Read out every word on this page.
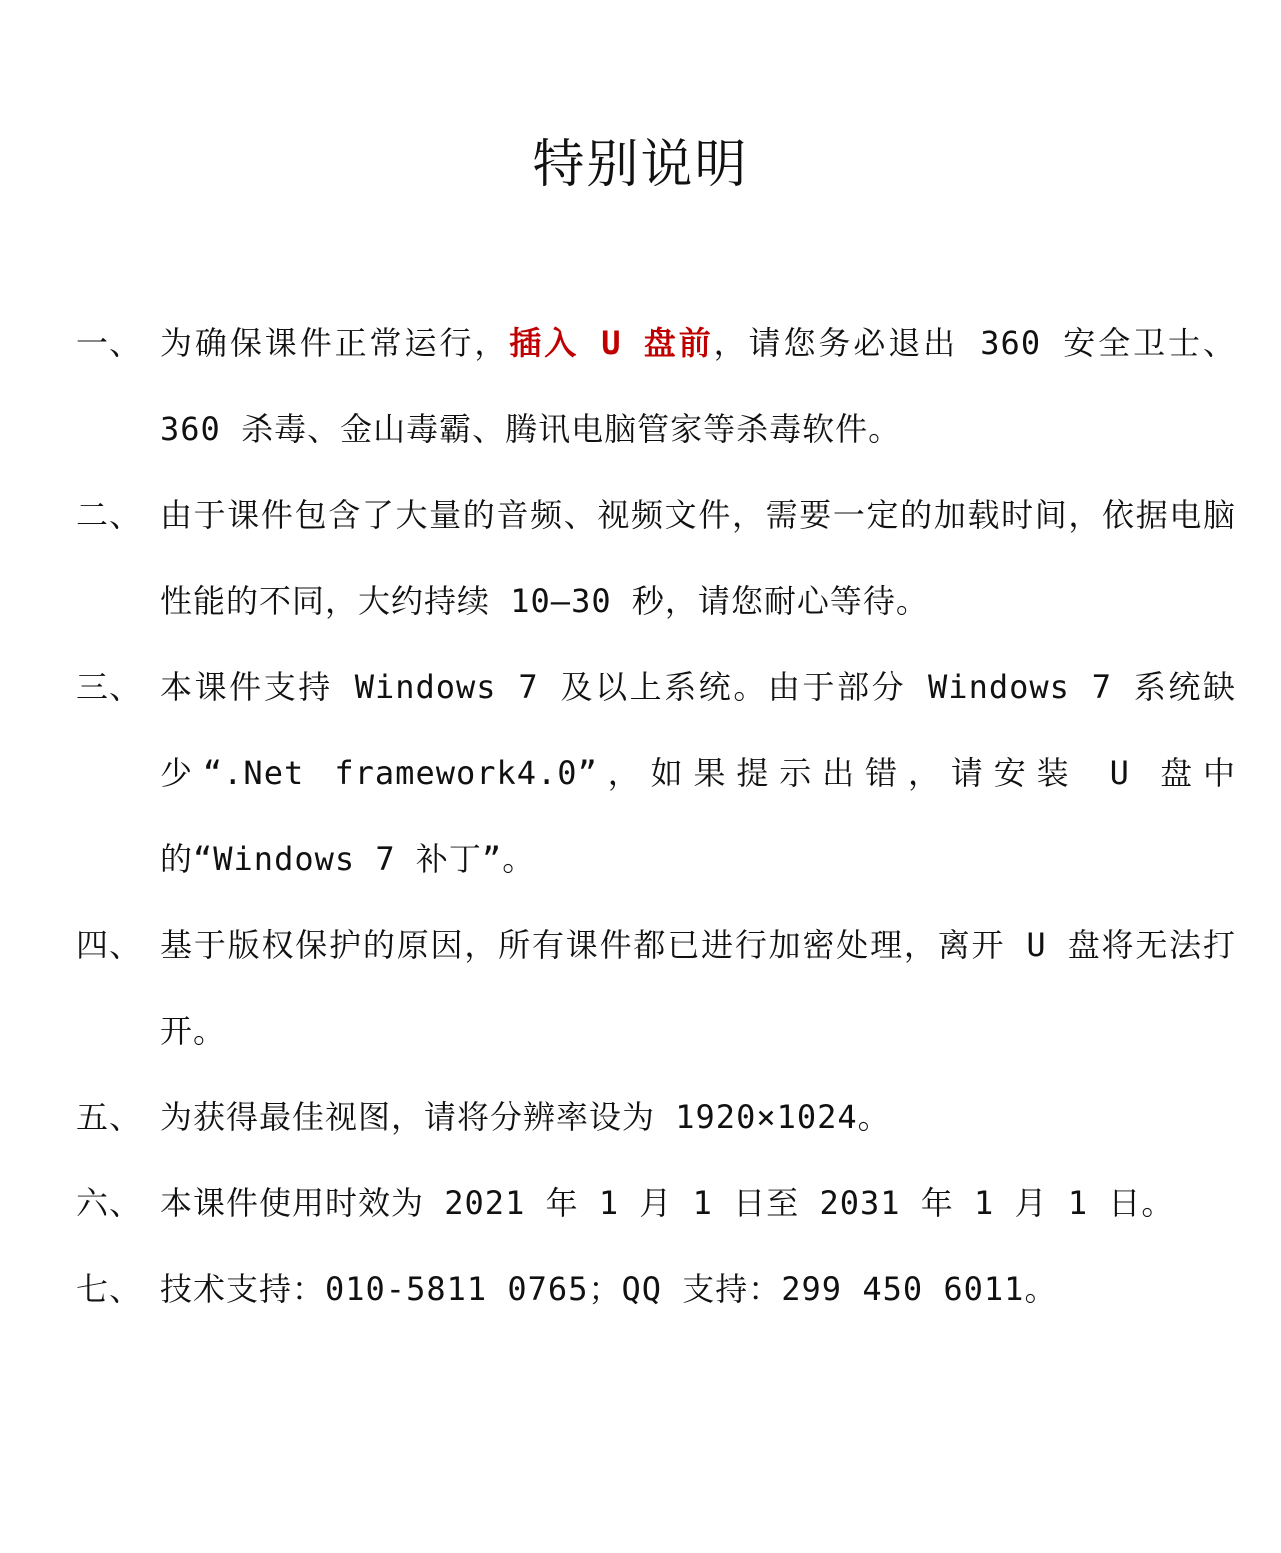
特别说明

一、 为确保课件正常运行，插入 U 盘前，请您务必退出 360 安全卫士、360 杀毒、金山毒霸、腾讯电脑管家等杀毒软件。

二、 由于课件包含了大量的音频、视频文件，需要一定的加载时间，依据电脑性能的不同，大约持续 10—30 秒，请您耐心等待。

三、 本课件支持 Windows 7 及以上系统。由于部分 Windows 7 系统缺少“.Net framework4.0”，如果提示出错，请安装 U 盘中的“Windows 7 补丁”。

四、 基于版权保护的原因，所有课件都已进行加密处理，离开 U 盘将无法打开。

五、 为获得最佳视图，请将分辨率设为 1920×1024。

六、 本课件使用时效为 2021 年 1 月 1 日至 2031 年 1 月 1 日。

七、 技术支持：010-5811 0765；QQ 支持：299 450 6011。
